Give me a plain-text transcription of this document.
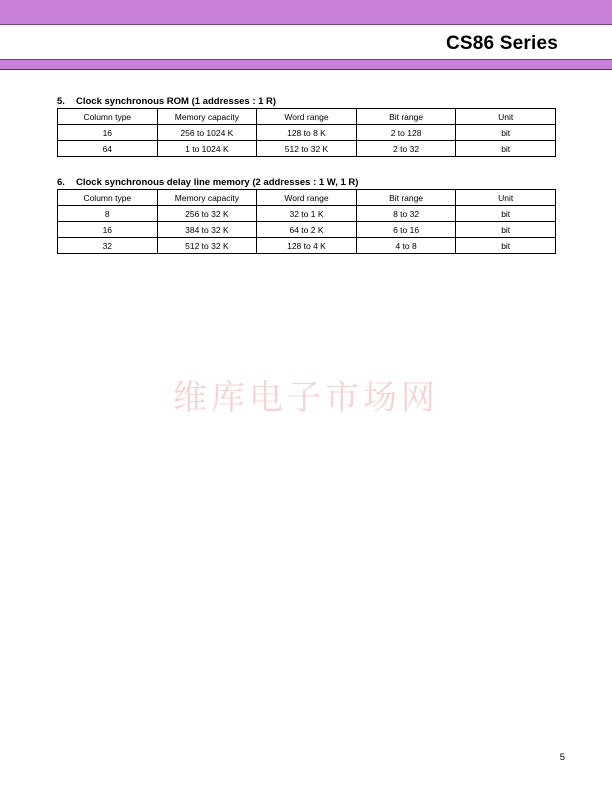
CS86 Series
5. Clock synchronous ROM (1 addresses : 1 R)
Column type	Memory capacity	Word range	Bit range	Unit
16	256 to 1024 K	128 to 8 K	2 to 128	bit
64	1 to 1024 K	512 to 32 K	2 to 32	bit
6. Clock synchronous delay line memory (2 addresses : 1 W, 1 R)
Column type	Memory capacity	Word range	Bit range	Unit
8	256 to 32 K	32 to 1 K	8 to 32	bit
16	384 to 32 K	64 to 2 K	6 to 16	bit
32	512 to 32 K	128 to 4 K	4 to 8	bit
维库电子市场网
5
